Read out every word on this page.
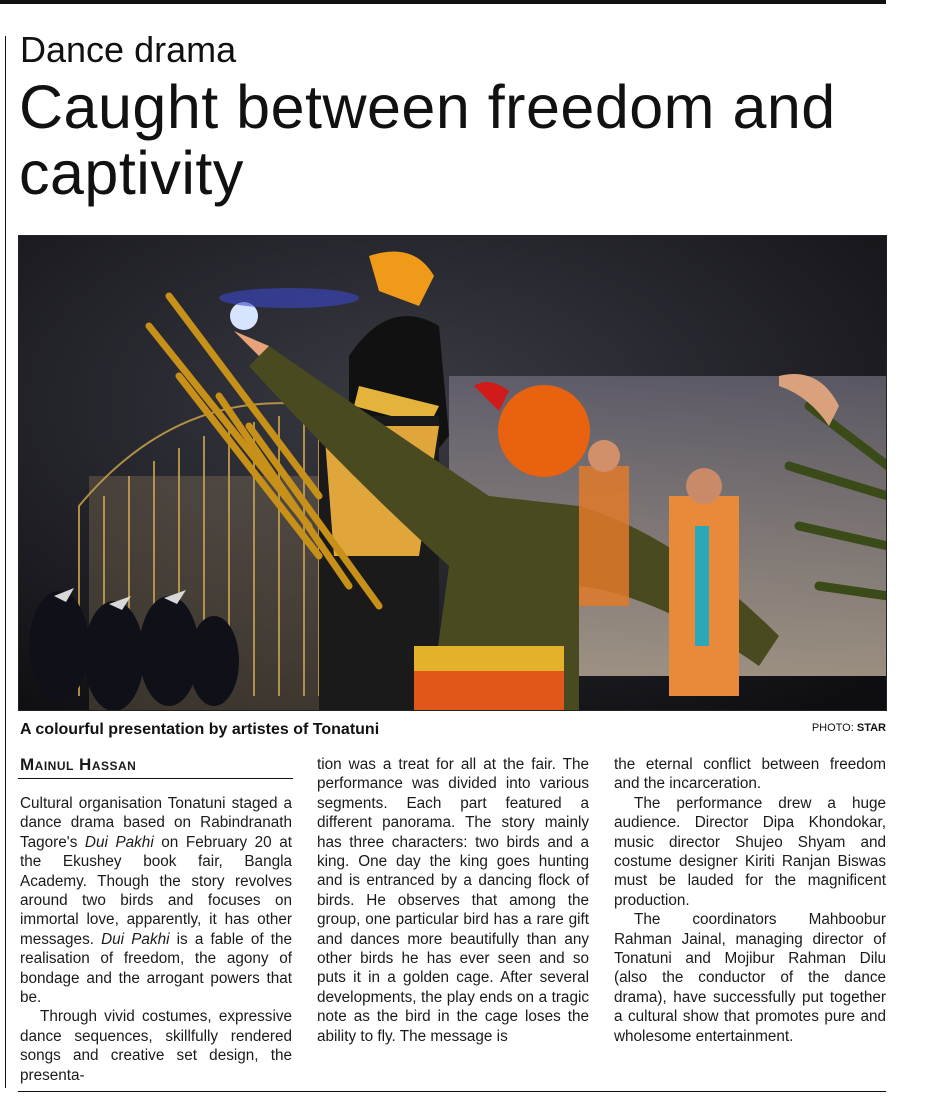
Dance drama
Caught between freedom and captivity
A colourful presentation by artistes of Tonatuni	PHOTO: STAR
Mainul Hassan

Cultural organisation Tonatuni staged a dance drama based on Rabindranath Tagore's Dui Pakhi on February 20 at the Ekushey book fair, Bangla Academy. Though the story revolves around two birds and focuses on immortal love, apparently, it has other messages. Dui Pakhi is a fable of the realisation of freedom, the agony of bondage and the arrogant powers that be.

Through vivid costumes, expressive dance sequences, skillfully rendered songs and creative set design, the presenta-

tion was a treat for all at the fair. The performance was divided into various segments. Each part featured a different panorama. The story mainly has three characters: two birds and a king. One day the king goes hunting and is entranced by a dancing flock of birds. He observes that among the group, one particular bird has a rare gift and dances more beautifully than any other birds he has ever seen and so puts it in a golden cage. After several developments, the play ends on a tragic note as the bird in the cage loses the ability to fly. The message is

the eternal conflict between freedom and the incarceration.

The performance drew a huge audience. Director Dipa Khondokar, music director Shujeo Shyam and costume designer Kiriti Ranjan Biswas must be lauded for the magnificent production.

The coordinators Mahboobur Rahman Jainal, managing director of Tonatuni and Mojibur Rahman Dilu (also the conductor of the dance drama), have successfully put together a cultural show that promotes pure and wholesome entertainment.
